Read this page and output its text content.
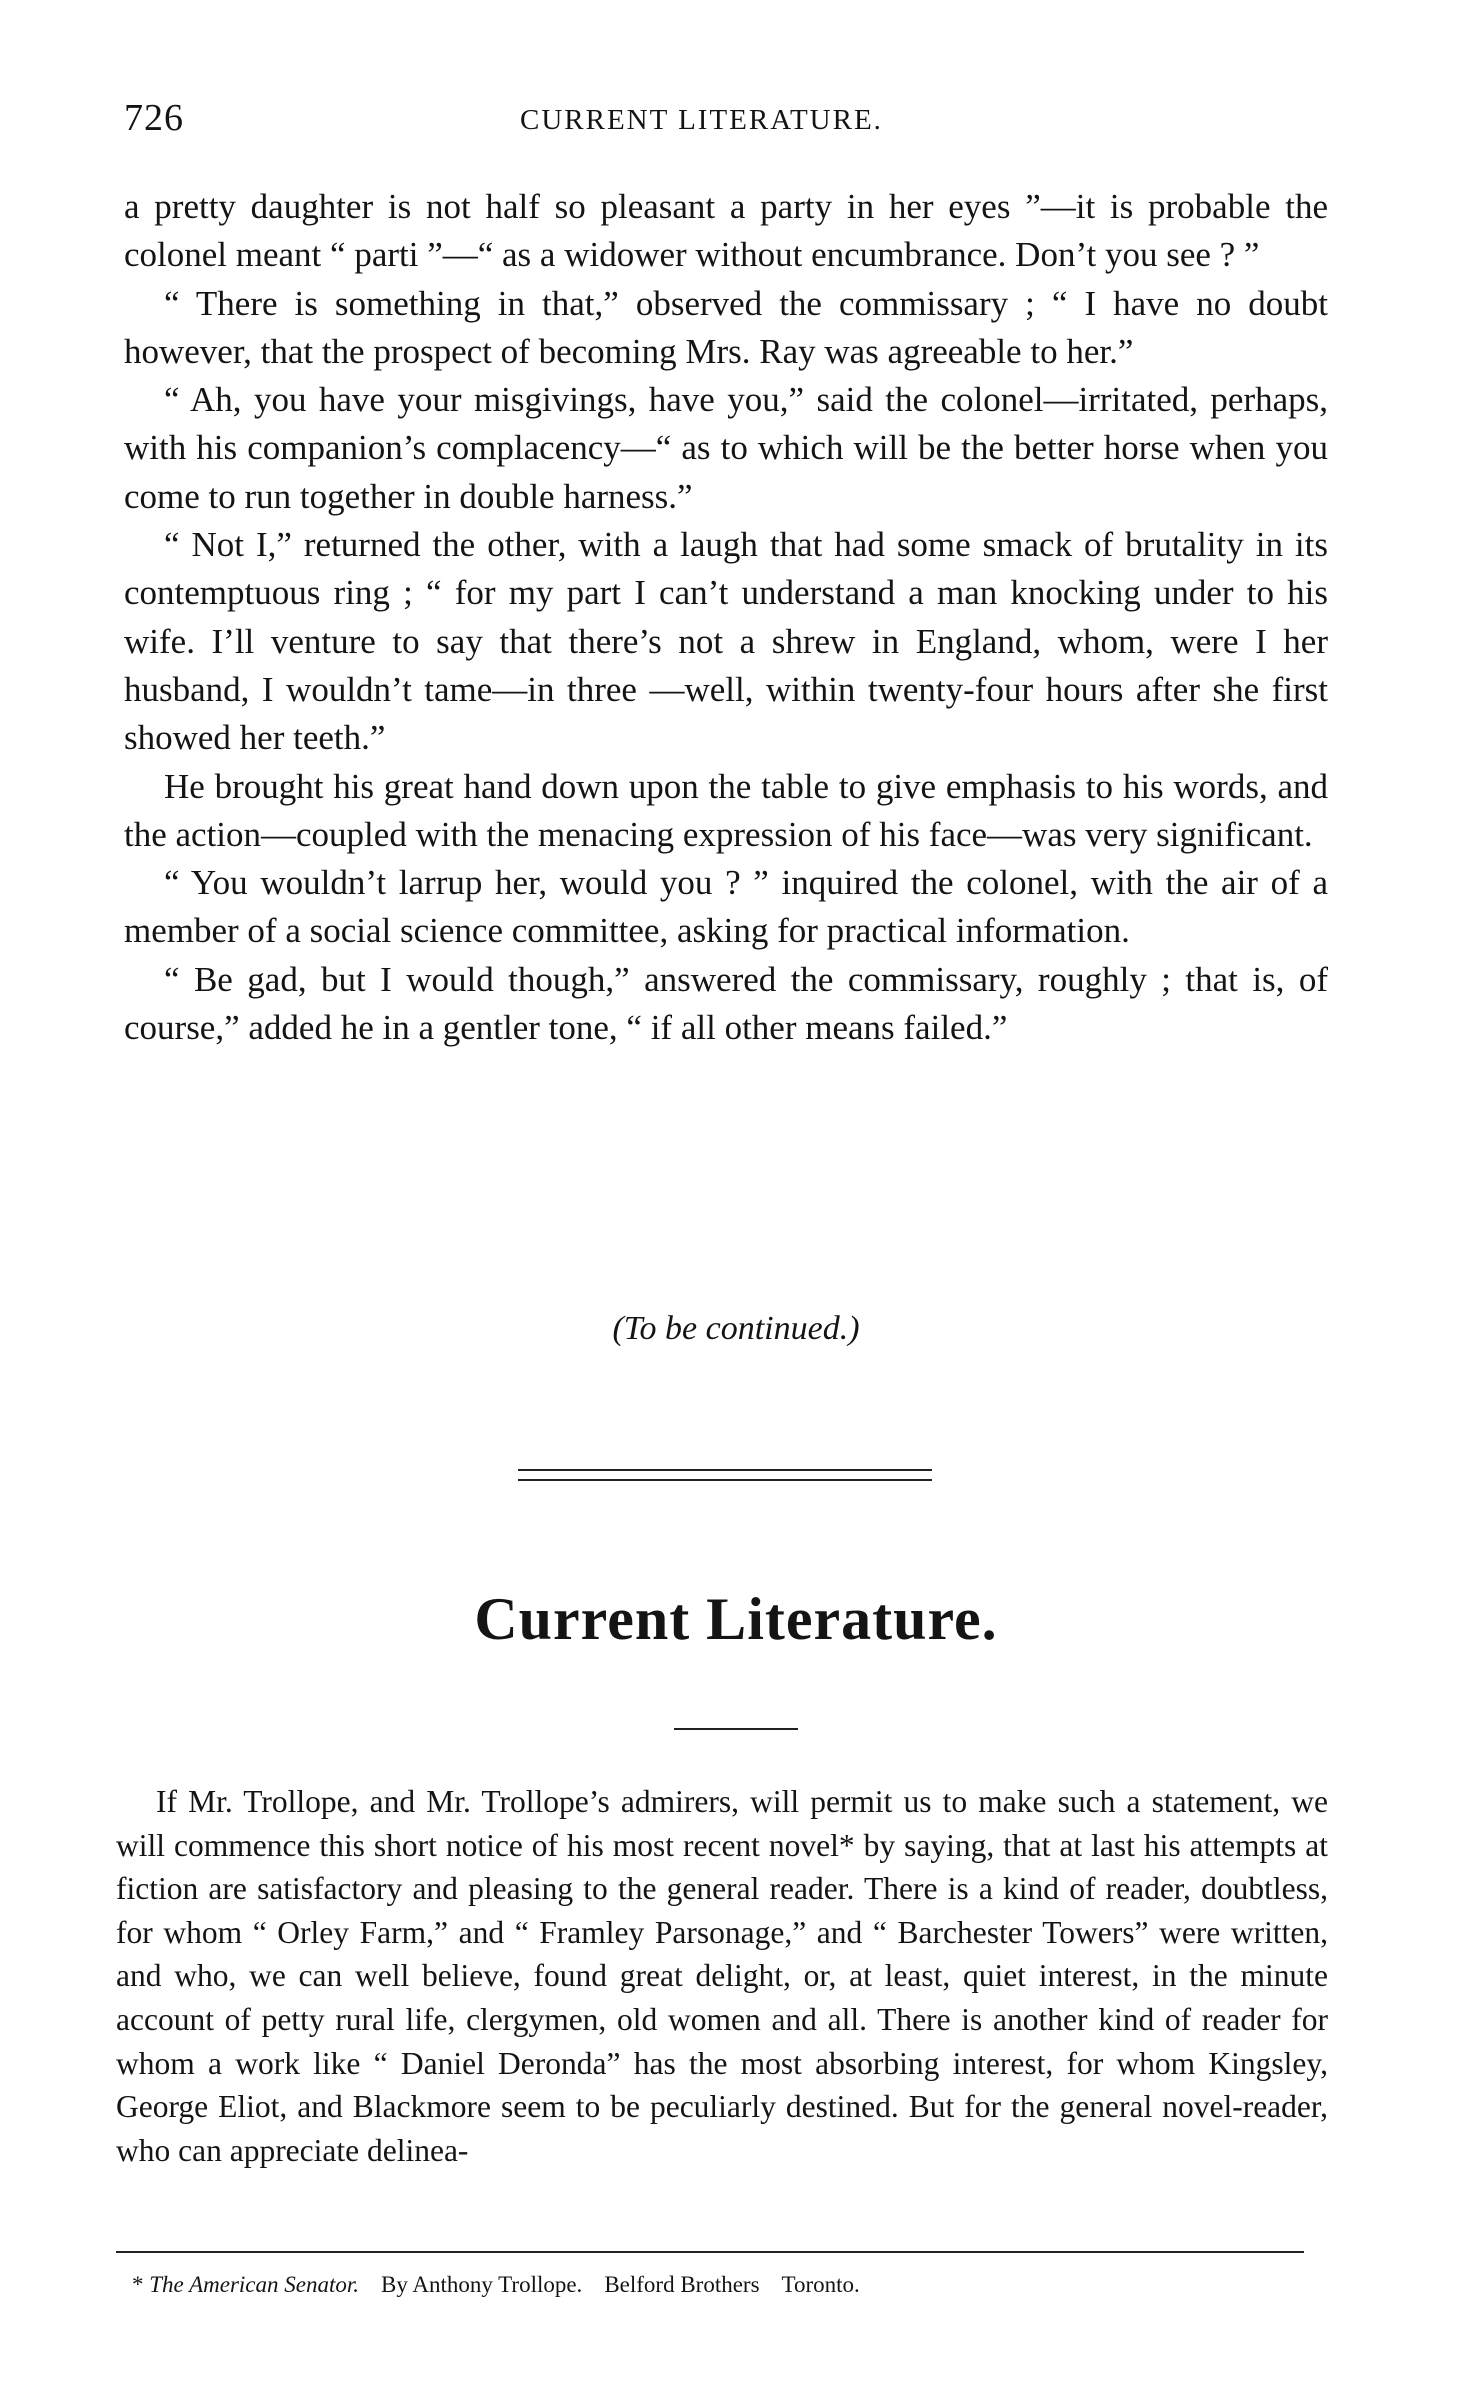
726	CURRENT LITERATURE.

a pretty daughter is not half so pleasant a party in her eyes ”—it is probable the colonel meant “ parti ”—“ as a widower without encumbrance. Don’t you see ? ”

“ There is something in that,” observed the commissary ; “ I have no doubt however, that the prospect of becoming Mrs. Ray was agreeable to her.”

“ Ah, you have your misgivings, have you,” said the colonel—irritated, perhaps, with his companion’s complacency—“ as to which will be the better horse when you come to run together in double harness.”

“ Not I,” returned the other, with a laugh that had some smack of brutality in its contemptuous ring ; “ for my part I can’t understand a man knocking under to his wife. I’ll venture to say that there’s not a shrew in England, whom, were I her husband, I wouldn’t tame—in three —well, within twenty-four hours after she first showed her teeth.”

He brought his great hand down upon the table to give emphasis to his words, and the action—coupled with the menacing expression of his face—was very significant.

“ You wouldn’t larrup her, would you ? ” inquired the colonel, with the air of a member of a social science committee, asking for practical information.

“ Be gad, but I would though,” answered the commissary, roughly ; that is, of course,” added he in a gentler tone, “ if all other means failed.”

(To be continued.)
Current Literature.

If Mr. Trollope, and Mr. Trollope’s admirers, will permit us to make such a statement, we will commence this short notice of his most recent novel* by saying, that at last his attempts at fiction are satisfactory and pleasing to the general reader. There is a kind of reader, doubtless, for whom “ Orley Farm,” and “ Framley Parsonage,” and “ Barchester Towers” were written, and who, we can well believe, found great delight, or, at least, quiet interest, in the minute account of petty rural life, clergymen, old women and all. There is another kind of reader for whom a work like “ Daniel Deronda” has the most absorbing interest, for whom Kingsley, George Eliot, and Blackmore seem to be peculiarly destined. But for the general novel-reader, who can appreciate delinea-

* The American Senator. By Anthony Trollope. Belford Brothers Toronto.
